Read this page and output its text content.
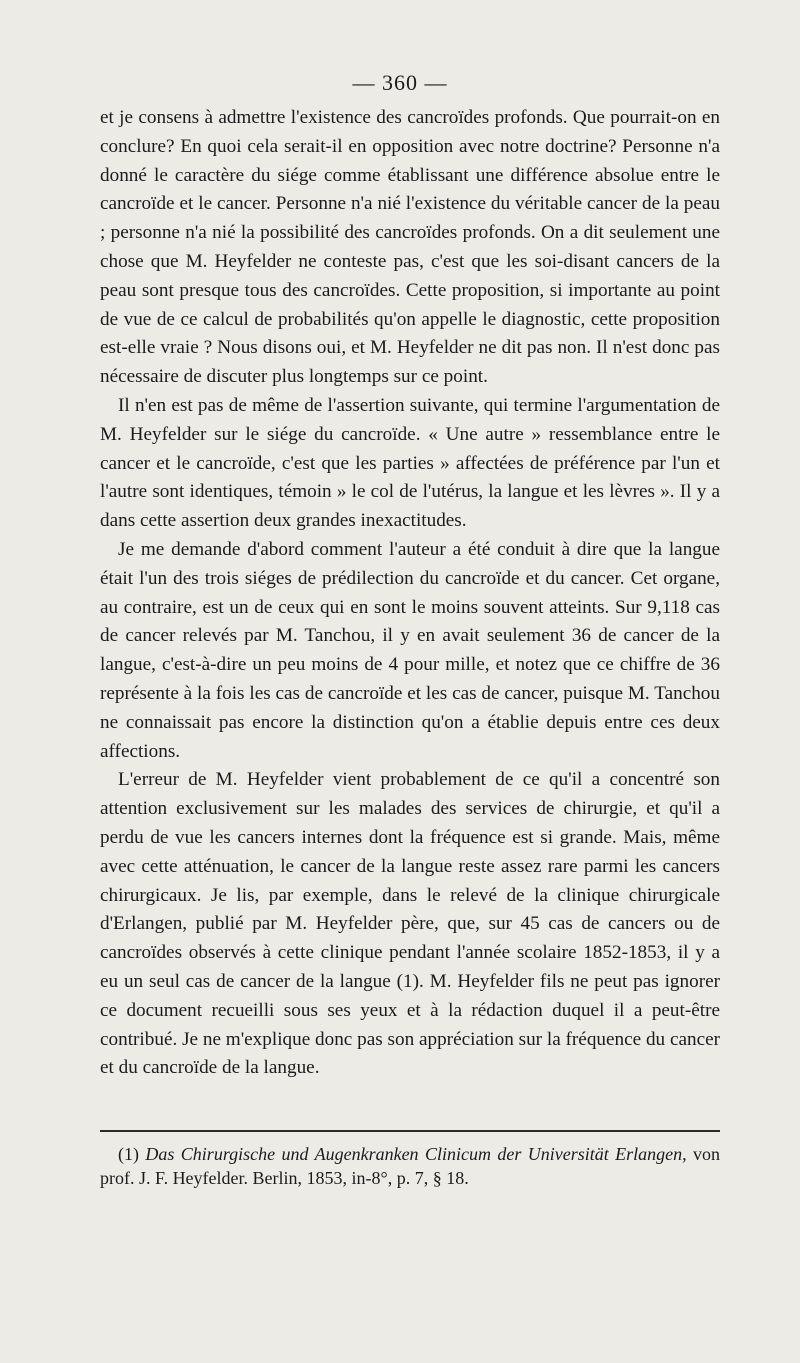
— 360 —

et je consens à admettre l'existence des cancroïdes profonds. Que pourrait-on en conclure? En quoi cela serait-il en opposition avec notre doctrine? Personne n'a donné le caractère du siége comme établissant une différence absolue entre le cancroïde et le cancer. Personne n'a nié l'existence du véritable cancer de la peau ; personne n'a nié la possibilité des cancroïdes profonds. On a dit seulement une chose que M. Heyfelder ne conteste pas, c'est que les soi-disant cancers de la peau sont presque tous des cancroïdes. Cette proposition, si importante au point de vue de ce calcul de probabilités qu'on appelle le diagnostic, cette proposition est-elle vraie ? Nous disons oui, et M. Heyfelder ne dit pas non. Il n'est donc pas nécessaire de discuter plus longtemps sur ce point.

Il n'en est pas de même de l'assertion suivante, qui termine l'argumentation de M. Heyfelder sur le siége du cancroïde. « Une autre » ressemblance entre le cancer et le cancroïde, c'est que les parties » affectées de préférence par l'un et l'autre sont identiques, témoin » le col de l'utérus, la langue et les lèvres ». Il y a dans cette assertion deux grandes inexactitudes.

Je me demande d'abord comment l'auteur a été conduit à dire que la langue était l'un des trois siéges de prédilection du cancroïde et du cancer. Cet organe, au contraire, est un de ceux qui en sont le moins souvent atteints. Sur 9,118 cas de cancer relevés par M. Tanchou, il y en avait seulement 36 de cancer de la langue, c'est-à-dire un peu moins de 4 pour mille, et notez que ce chiffre de 36 représente à la fois les cas de cancroïde et les cas de cancer, puisque M. Tanchou ne connaissait pas encore la distinction qu'on a établie depuis entre ces deux affections.

L'erreur de M. Heyfelder vient probablement de ce qu'il a concentré son attention exclusivement sur les malades des services de chirurgie, et qu'il a perdu de vue les cancers internes dont la fréquence est si grande. Mais, même avec cette atténuation, le cancer de la langue reste assez rare parmi les cancers chirurgicaux. Je lis, par exemple, dans le relevé de la clinique chirurgicale d'Erlangen, publié par M. Heyfelder père, que, sur 45 cas de cancers ou de cancroïdes observés à cette clinique pendant l'année scolaire 1852-1853, il y a eu un seul cas de cancer de la langue (1). M. Heyfelder fils ne peut pas ignorer ce document recueilli sous ses yeux et à la rédaction duquel il a peut-être contribué. Je ne m'explique donc pas son appréciation sur la fréquence du cancer et du cancroïde de la langue.

(1) Das Chirurgische und Augenkranken Clinicum der Universität Erlangen, von prof. J. F. Heyfelder. Berlin, 1853, in-8°, p. 7, § 18.
